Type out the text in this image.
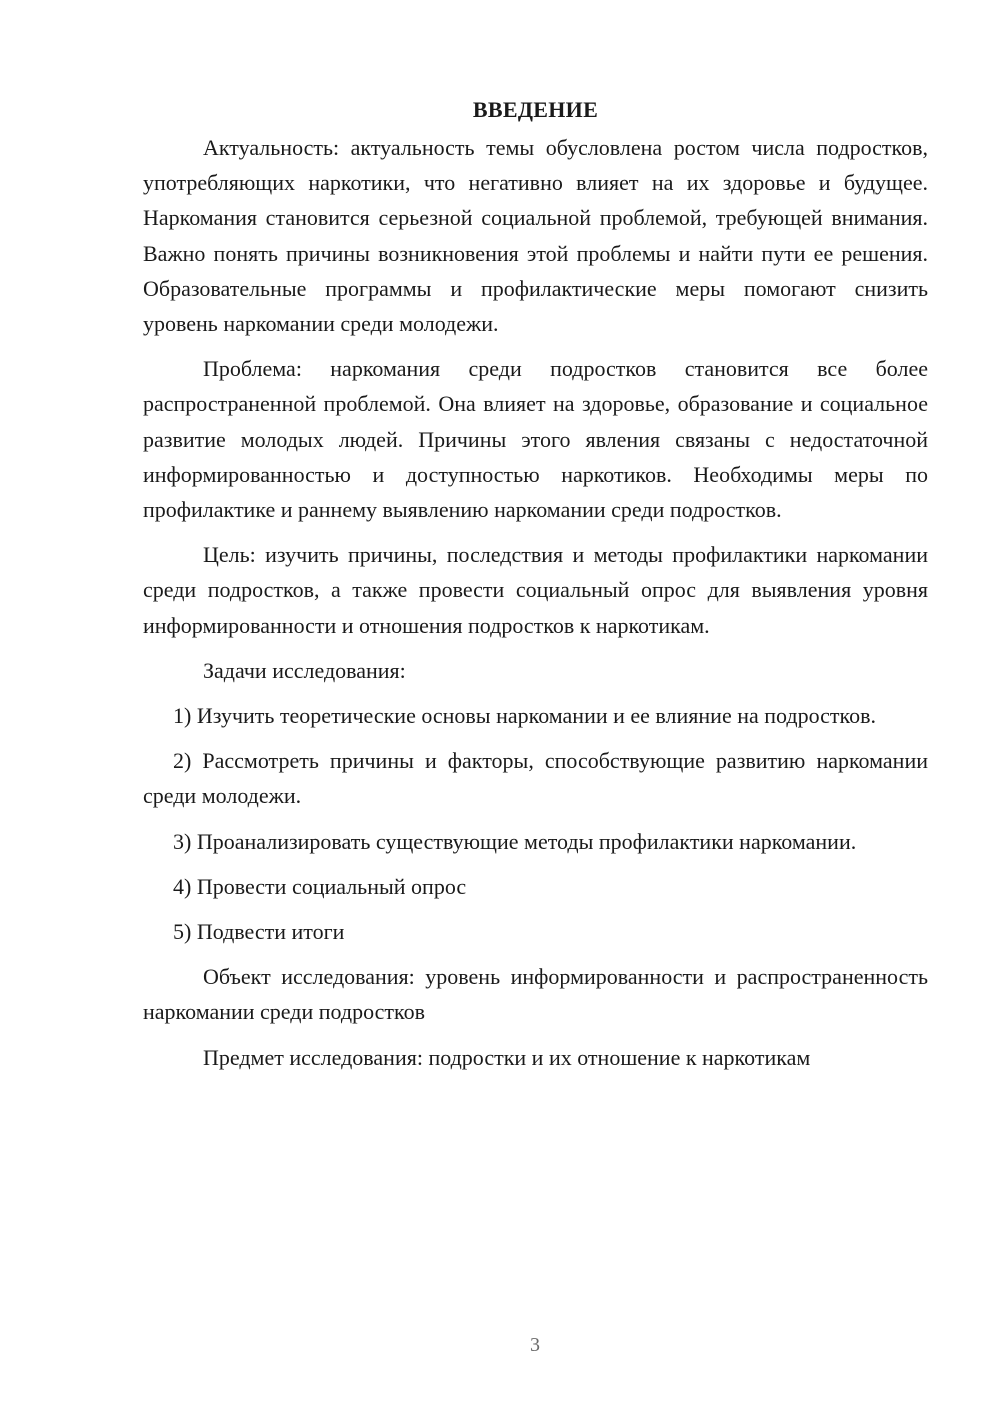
ВВЕДЕНИЕ

Актуальность: актуальность темы обусловлена ростом числа подростков, употребляющих наркотики, что негативно влияет на их здоровье и будущее. Наркомания становится серьезной социальной проблемой, требующей внимания. Важно понять причины возникновения этой проблемы и найти пути ее решения. Образовательные программы и профилактические меры помогают снизить уровень наркомании среди молодежи.

Проблема: наркомания среди подростков становится все более распространенной проблемой. Она влияет на здоровье, образование и социальное развитие молодых людей. Причины этого явления связаны с недостаточной информированностью и доступностью наркотиков. Необходимы меры по профилактике и раннему выявлению наркомании среди подростков.

Цель: изучить причины, последствия и методы профилактики наркомании среди подростков, а также провести социальный опрос для выявления уровня информированности и отношения подростков к наркотикам.

Задачи исследования:

1) Изучить теоретические основы наркомании и ее влияние на подростков.

2) Рассмотреть причины и факторы, способствующие развитию наркомании среди молодежи.

3) Проанализировать существующие методы профилактики наркомании.

4) Провести социальный опрос

5) Подвести итоги

Объект исследования: уровень информированности и распространенность наркомании среди подростков

Предмет исследования: подростки и их отношение к наркотикам

3
